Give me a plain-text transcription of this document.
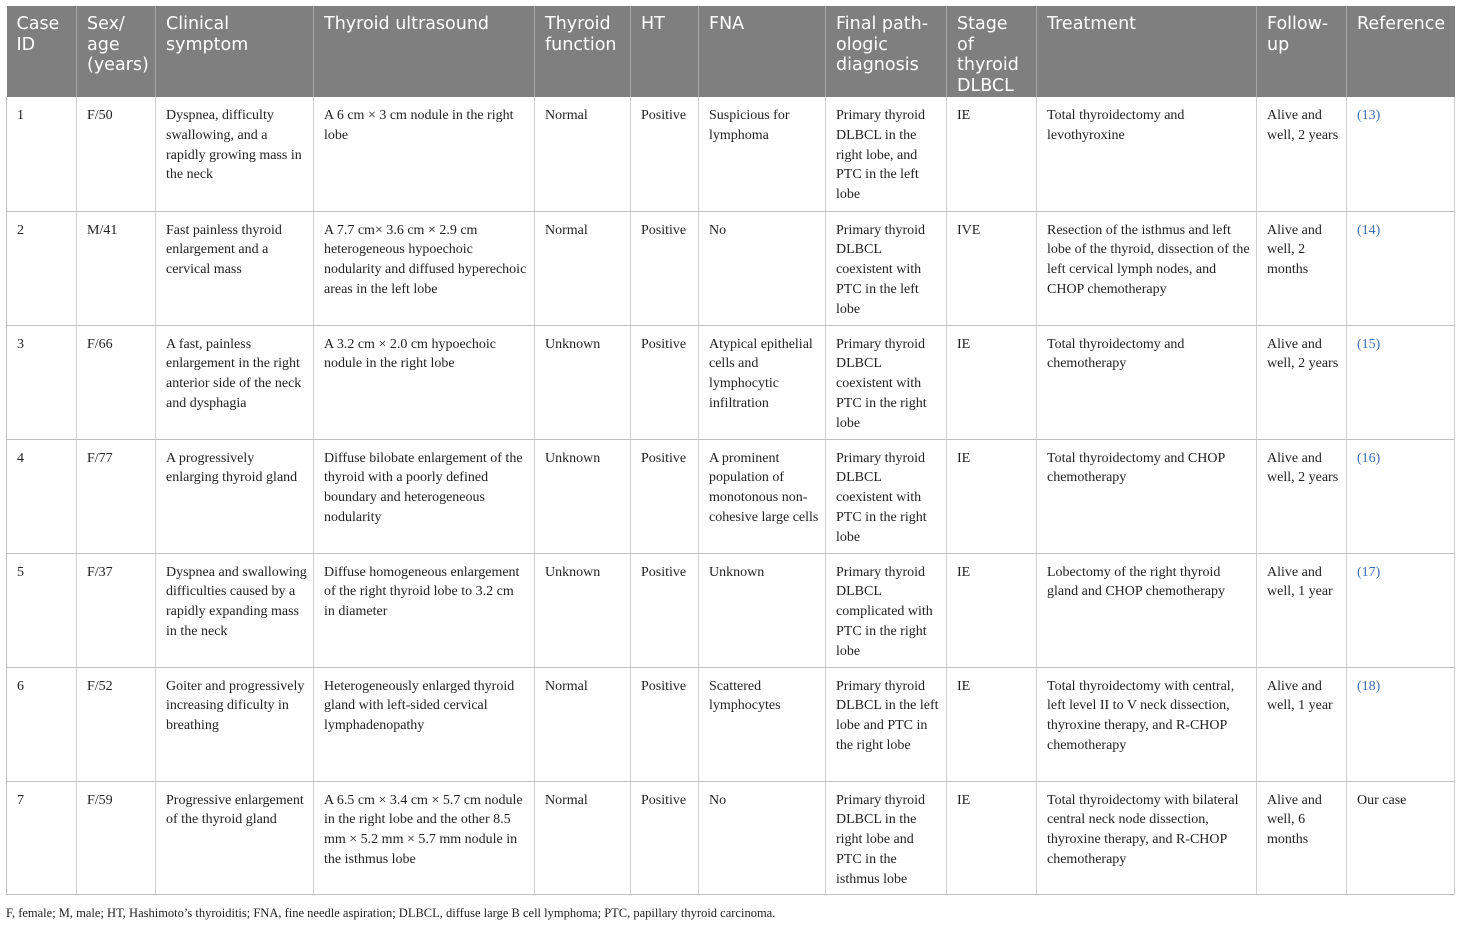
Case ID	Sex/ age (years)	Clinical symptom	Thyroid ultrasound	Thyroid function	HT	FNA	Final pathologic diagnosis	Stage of thyroid DLBCL	Treatment	Followup	Reference
1	F/50	Dyspnea, difficulty swallowing, and a rapidly growing mass in the neck	A 6 cm × 3 cm nodule in the right lobe	Normal	Positive	Suspicious for lymphoma	Primary thyroid DLBCL in the right lobe, and PTC in the left lobe	IE	Total thyroidectomy and levothyroxine	Alive and well, 2 years	(13)
2	M/41	Fast painless thyroid enlargement and a cervical mass	A 7.7 cm× 3.6 cm × 2.9 cm heterogeneous hypoechoic nodularity and diffused hyperechoic areas in the left lobe	Normal	Positive	No	Primary thyroid DLBCL coexistent with PTC in the left lobe	IVE	Resection of the isthmus and left lobe of the thyroid, dissection of the left cervical lymph nodes, and CHOP chemotherapy	Alive and well, 2 months	(14)
3	F/66	A fast, painless enlargement in the right anterior side of the neck and dysphagia	A 3.2 cm × 2.0 cm hypoechoic nodule in the right lobe	Unknown	Positive	Atypical epithelial cells and lymphocytic infiltration	Primary thyroid DLBCL coexistent with PTC in the right lobe	IE	Total thyroidectomy and chemotherapy	Alive and well, 2 years	(15)
4	F/77	A progressively enlarging thyroid gland	Diffuse bilobate enlargement of the thyroid with a poorly defined boundary and heterogeneous nodularity	Unknown	Positive	A prominent population of monotonous non-cohesive large cells	Primary thyroid DLBCL coexistent with PTC in the right lobe	IE	Total thyroidectomy and CHOP chemotherapy	Alive and well, 2 years	(16)
5	F/37	Dyspnea and swallowing difficulties caused by a rapidly expanding mass in the neck	Diffuse homogeneous enlargement of the right thyroid lobe to 3.2 cm in diameter	Unknown	Positive	Unknown	Primary thyroid DLBCL complicated with PTC in the right lobe	IE	Lobectomy of the right thyroid gland and CHOP chemotherapy	Alive and well, 1 year	(17)
6	F/52	Goiter and progressively increasing dificulty in breathing	Heterogeneously enlarged thyroid gland with left-sided cervical lymphadenopathy	Normal	Positive	Scattered lymphocytes	Primary thyroid DLBCL in the left lobe and PTC in the right lobe	IE	Total thyroidectomy with central, left level II to V neck dissection, thyroxine therapy, and R-CHOP chemotherapy	Alive and well, 1 year	(18)
7	F/59	Progressive enlargement of the thyroid gland	A 6.5 cm × 3.4 cm × 5.7 cm nodule in the right lobe and the other 8.5 mm × 5.2 mm × 5.7 mm nodule in the isthmus lobe	Normal	Positive	No	Primary thyroid DLBCL in the right lobe and PTC in the isthmus lobe	IE	Total thyroidectomy with bilateral central neck node dissection, thyroxine therapy, and R-CHOP chemotherapy	Alive and well, 6 months	Our case
F, female; M, male; HT, Hashimoto’s thyroiditis; FNA, fine needle aspiration; DLBCL, diffuse large B cell lymphoma; PTC, papillary thyroid carcinoma.
